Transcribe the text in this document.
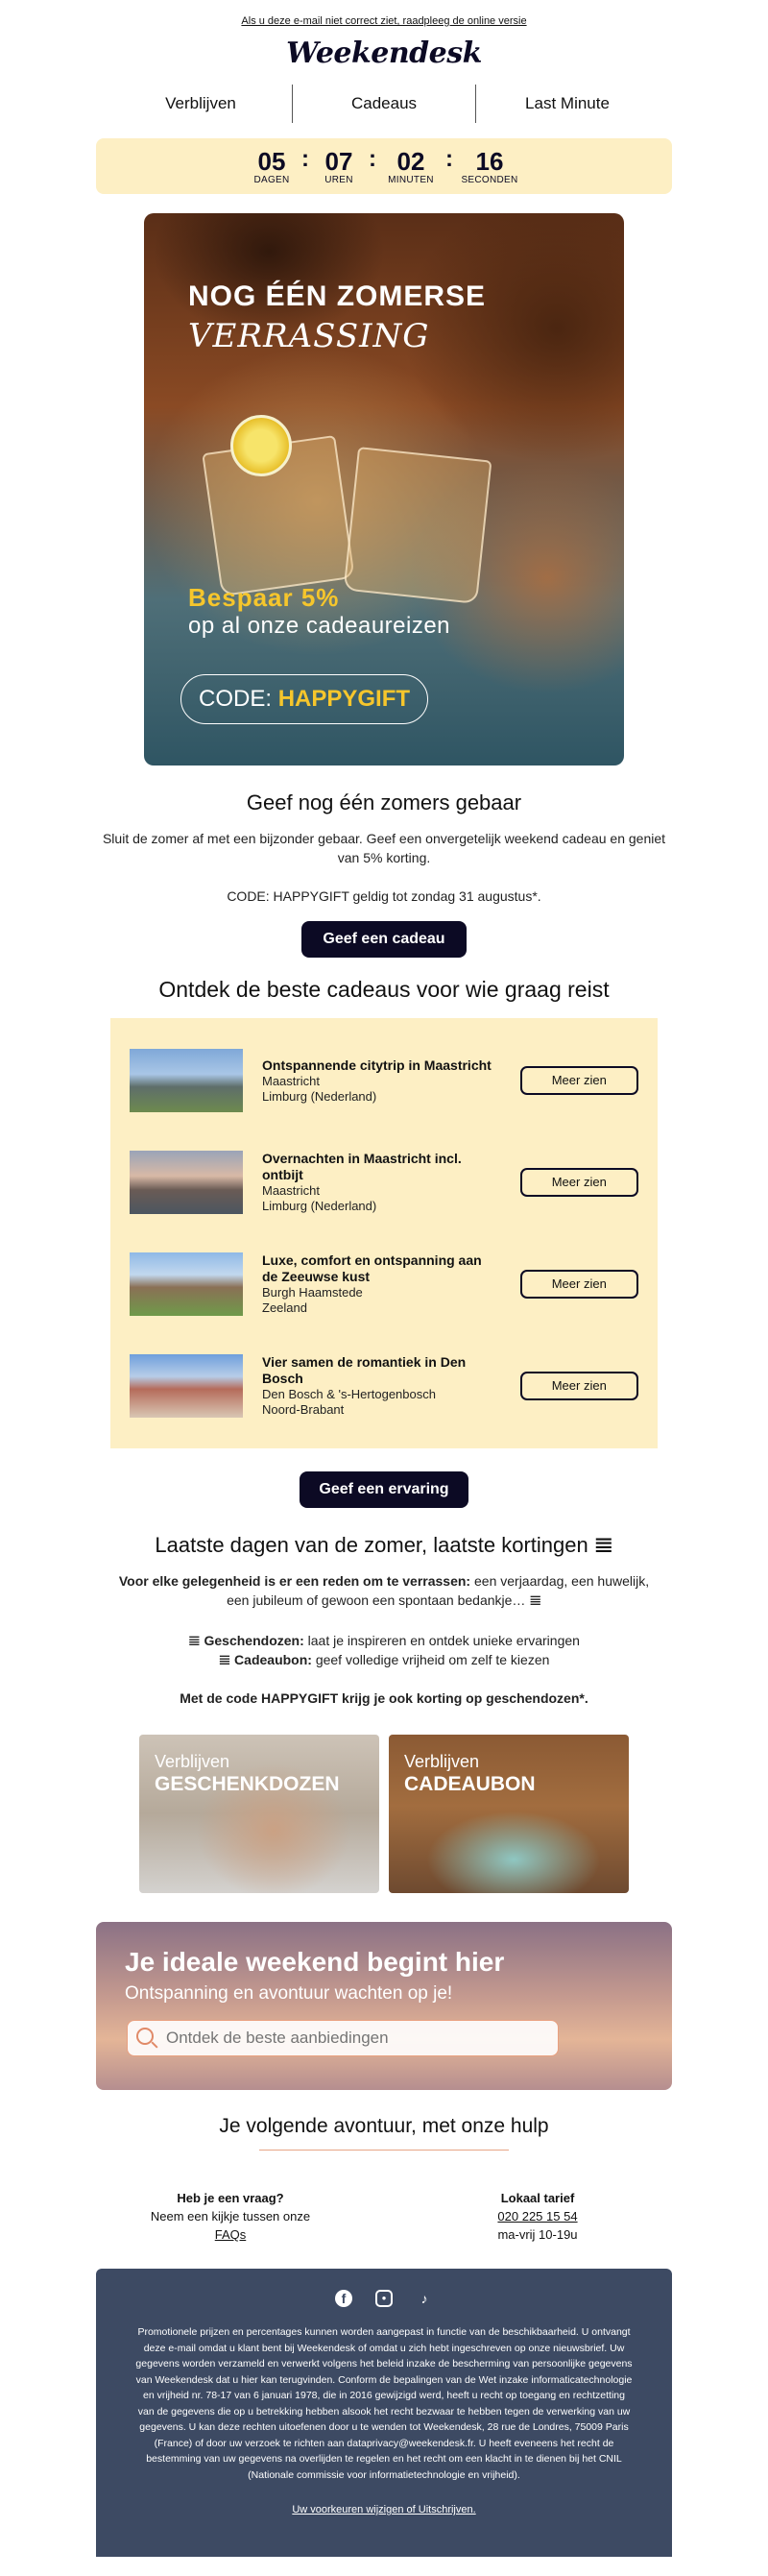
Als u deze e-mail niet correct ziet, raadpleeg de online versie
Weekendesk
Verblijven	Cadeaus	Last Minute
05
DAGEN
: 07
UREN
: 02
MINUTEN
: 16
SECONDEN
NOG ÉÉN ZOMERSE
VERRASSING
Bespaar 5%
op al onze cadeaureizen
CODE: HAPPYGIFT
Geef nog één zomers gebaar
Sluit de zomer af met een bijzonder gebaar. Geef een onvergetelijk weekend cadeau en geniet van 5% korting.
CODE: HAPPYGIFT geldig tot zondag 31 augustus*.
Geef een cadeau
Ontdek de beste cadeaus voor wie graag reist
Ontspannende citytrip in Maastricht
Maastricht
Limburg (Nederland)
Meer zien
Overnachten in Maastricht incl. ontbijt
Maastricht
Limburg (Nederland)
Meer zien
Luxe, comfort en ontspanning aan de Zeeuwse kust
Burgh Haamstede
Zeeland
Meer zien
Vier samen de romantiek in Den Bosch
Den Bosch & 's-Hertogenbosch
Noord-Brabant
Meer zien
Geef een ervaring
Laatste dagen van de zomer, laatste kortingen 𝌆
Voor elke gelegenheid is er een reden om te verrassen: een verjaardag, een huwelijk, een jubileum of gewoon een spontaan bedankje… 𝌆
𝌆 Geschendozen: laat je inspireren en ontdek unieke ervaringen
𝌆 Cadeaubon: geef volledige vrijheid om zelf te kiezen
Met de code HAPPYGIFT krijg je ook korting op geschendozen*.
Verblijven
GESCHENKDOZEN
Verblijven
CADEAUBON
Je ideale weekend begint hier
Ontspanning en avontuur wachten op je!
Ontdek de beste aanbiedingen
Je volgende avontuur, met onze hulp
Heb je een vraag?
Neem een kijkje tussen onze
FAQs
Lokaal tarief
020 225 15 54
ma-vrij 10-19u
f	●	♪
Promotionele prijzen en percentages kunnen worden aangepast in functie van de beschikbaarheid. U ontvangt deze e-mail omdat u klant bent bij Weekendesk of omdat u zich hebt ingeschreven op onze nieuwsbrief. Uw gegevens worden verzameld en verwerkt volgens het beleid inzake de bescherming van persoonlijke gegevens van Weekendesk dat u hier kan terugvinden. Conform de bepalingen van de Wet inzake informaticatechnologie en vrijheid nr. 78-17 van 6 januari 1978, die in 2016 gewijzigd werd, heeft u recht op toegang en rechtzetting van de gegevens die op u betrekking hebben alsook het recht bezwaar te hebben tegen de verwerking van uw gegevens. U kan deze rechten uitoefenen door u te wenden tot Weekendesk, 28 rue de Londres, 75009 Paris (France) of door uw verzoek te richten aan dataprivacy@weekendesk.fr. U heeft eveneens het recht de bestemming van uw gegevens na overlijden te regelen en het recht om een klacht in te dienen bij het CNIL (Nationale commissie voor informatietechnologie en vrijheid).
Uw voorkeuren wijzigen of Uitschrijven.
